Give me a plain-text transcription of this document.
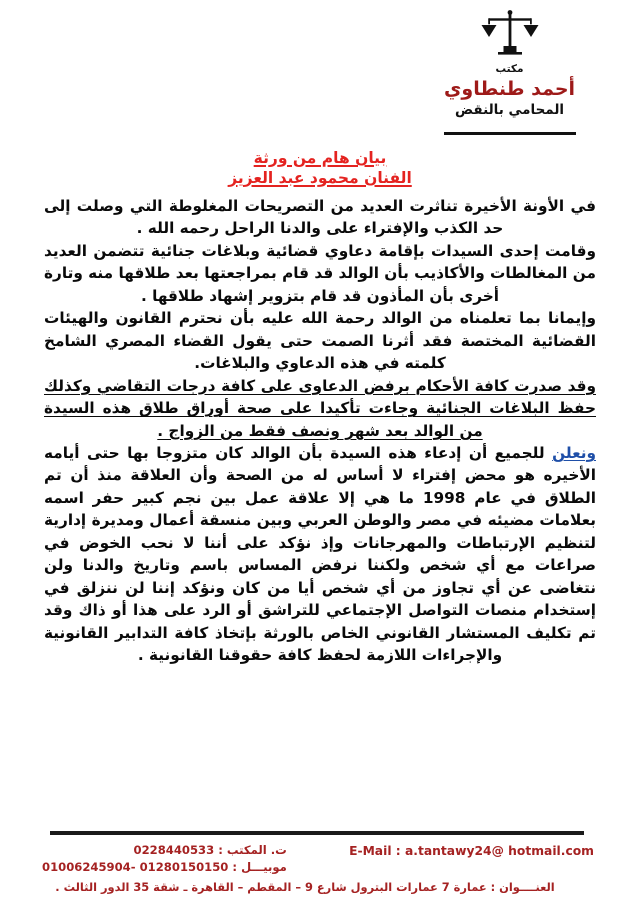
مكتب
أحمد طنطاوي
المحامي بالنقض
بيان هام من ورثة
الفنان محمود عبد العزيز

في الأونة الأخيرة تناثرت العديد من التصريحات المغلوطة التي وصلت إلى حد الكذب والإفتراء على والدنا الراحل رحمه الله .

وقامت إحدى السيدات بإقامة دعاوي قضائية وبلاغات جنائية تتضمن العديد من المغالطات والأكاذيب بأن الوالد قد قام بمراجعتها بعد طلاقها منه وتارة أخرى بأن المأذون قد قام بتزوير إشهاد طلاقها .

وإيمانا بما تعلمناه من الوالد رحمة الله عليه بأن نحترم القانون والهيئات القضائية المختصة فقد أثرنا الصمت حتى يقول القضاء المصري الشامخ كلمته في هذه الدعاوي والبلاغات.

وقد صدرت كافة الأحكام برفض الدعاوى على كافة درجات التقاضي وكذلك حفظ البلاغات الجنائية وجاءت تأكيدا على صحة أوراق طلاق هذه السيدة من الوالد بعد شهر ونصف فقط من الزواج .

ونعلن للجميع أن إدعاء هذه السيدة بأن الوالد كان متزوجا بها حتى أيامه الأخيره هو محض إفتراء لا أساس له من الصحة وأن العلاقة منذ أن تم الطلاق في عام 1998 ما هي إلا علاقة عمل بين نجم كبير حفر اسمه بعلامات مضيئه في مصر والوطن العربي وبين منسقة أعمال ومديرة إدارية لتنظيم الإرتباطات والمهرجانات وإذ نؤكد على أننا لا نحب الخوض في صراعات مع أي شخص ولكننا نرفض المساس باسم وتاريخ والدنا ولن نتغاضى عن أي تجاوز من أي شخص أيا من كان ونؤكد إننا لن ننزلق في إستخدام منصات التواصل الإجتماعي للتراشق أو الرد على هذا أو ذاك وقد تم تكليف المستشار القانوني الخاص بالورثة بإتخاذ كافة التدابير القانونية والإجراءات اللازمة لحفظ كافة حقوقنا القانونية .

ت. المكتب : 0228440533
موبيـــل : 01280150150 -01006245904
E-Mail : a.tantawy24@ hotmail.com
العنــــوان : عمارة 7 عمارات البترول شارع 9 – المقطم – القاهرة ـ شقة 35 الدور الثالث .
